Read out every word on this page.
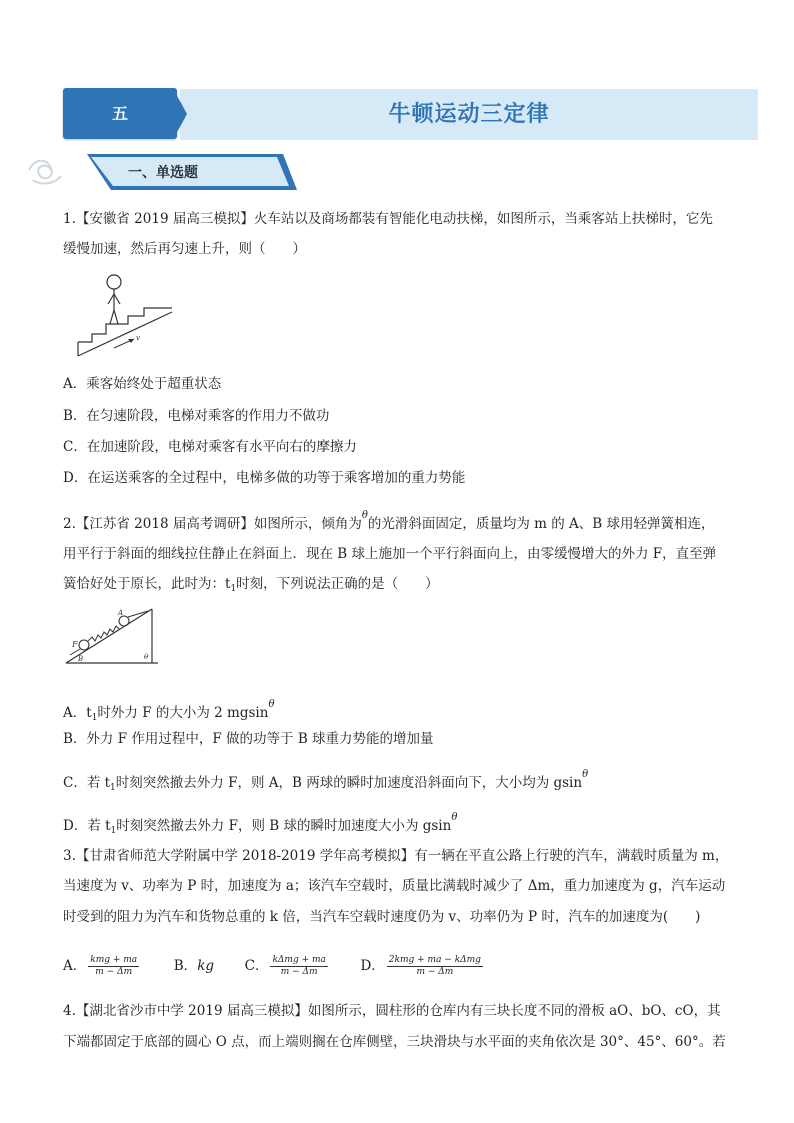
五	牛顿运动三定律
一、单选题
1.【安徽省 2019 届高三模拟】火车站以及商场都装有智能化电动扶梯，如图所示，当乘客站上扶梯时，它先
缓慢加速，然后再匀速上升，则（　　）
v
A．乘客始终处于超重状态
B．在匀速阶段，电梯对乘客的作用力不做功
C．在加速阶段，电梯对乘客有水平向右的摩擦力
D．在运送乘客的全过程中，电梯多做的功等于乘客增加的重力势能
2.【江苏省 2018 届高考调研】如图所示，倾角为$^\theta$的光滑斜面固定，质量均为 m 的 A、B 球用轻弹簧相连，
用平行于斜面的细线拉住静止在斜面上．现在 B 球上施加一个平行斜面向上，由零缓慢增大的外力 F，直至弹
簧恰好处于原长，此时为：$t_1$时刻，下列说法正确的是（　　）
F
B
A
θ
A．$t_1$时外力 F 的大小为 2 mgsin$^\theta$
B．外力 F 作用过程中，F 做的功等于 B 球重力势能的增加量
C．若 $t_1$时刻突然撤去外力 F，则 A，B 两球的瞬时加速度沿斜面向下，大小均为 gsin$^\theta$
D．若 $t_1$时刻突然撤去外力 F，则 B 球的瞬时加速度大小为 gsin$^\theta$
3.【甘肃省师范大学附属中学 2018-2019 学年高考模拟】有一辆在平直公路上行驶的汽车，满载时质量为 m，
当速度为 v、功率为 P 时，加速度为 a；该汽车空载时，质量比满载时减少了 Δm，重力加速度为 g，汽车运动
时受到的阻力为汽车和货物总重的 k 倍，当汽车空载时速度仍为 v、功率仍为 P 时，汽车的加速度为(　　)
A． $\frac{\text{kmg + ma}}{m - \Delta m}$	B．kg C． $\frac{\text{kΔmg + ma}}{m - \Delta m}$ D． $\frac{\text{2kmg + ma − kΔmg}}{m - \Delta m}$
4.【湖北省沙市中学 2019 届高三模拟】如图所示，圆柱形的仓库内有三块长度不同的滑板 aO、bO、cO，其
下端都固定于底部的圆心 O 点，而上端则搁在仓库侧壁，三块滑块与水平面的夹角依次是 30°、45°、60°。若
